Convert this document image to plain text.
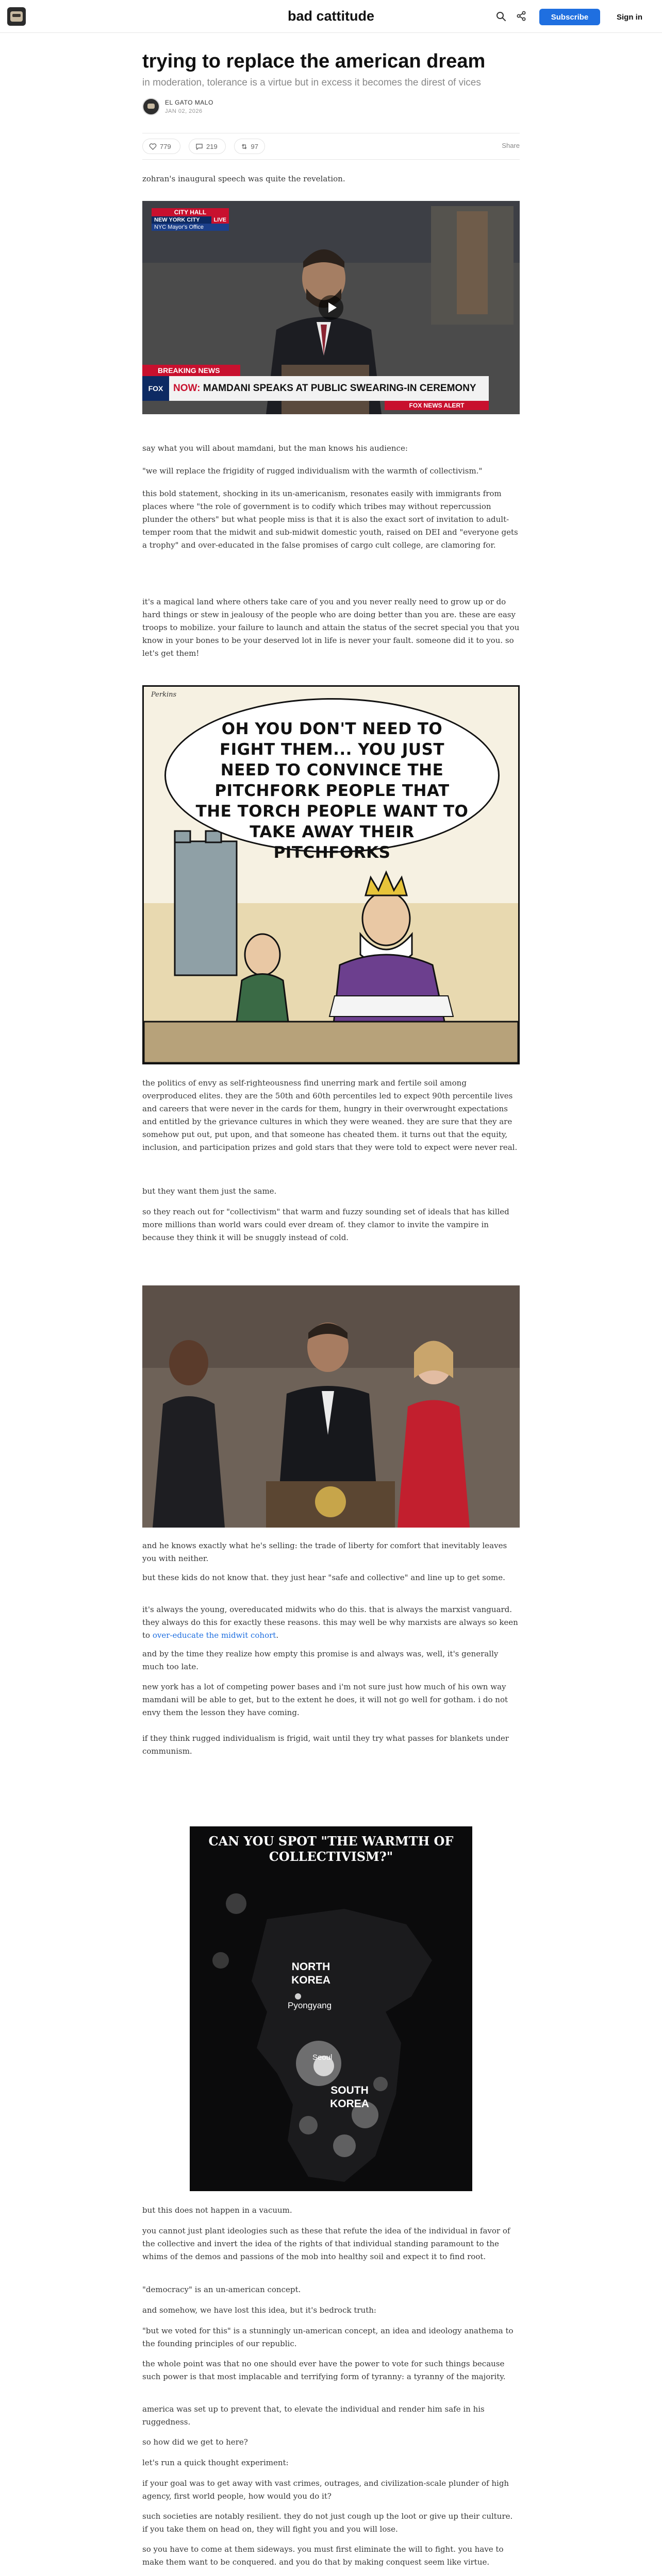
bad cattitude	Subscribe	Sign in
trying to replace the american dream
in moderation, tolerance is a virtue but in excess it becomes the direst of vices
EL GATO MALO
JAN 02, 2026
779	219	97	Share

zohran's inaugural speech was quite the revelation.

CITY HALL
NEW YORK CITY	LIVE
NYC Mayor's Office
BREAKING NEWS
FOX	NOW: MAMDANI SPEAKS AT PUBLIC SWEARING-IN CEREMONY
FOX NEWS ALERT

say what you will about mamdani, but the man knows his audience:

"we will replace the frigidity of rugged individualism with the warmth of collectivism."

this bold statement, shocking in its un-americanism, resonates easily with immigrants from places where "the role of government is to codify which tribes may without repercussion plunder the others" but what people miss is that it is also the exact sort of invitation to adult-temper room that the midwit and sub-midwit domestic youth, raised on DEI and "everyone gets a trophy" and over-educated in the false promises of cargo cult college, are clamoring for.

it's a magical land where others take care of you and you never really need to grow up or do hard things or stew in jealousy of the people who are doing better than you are. these are easy troops to mobilize. your failure to launch and attain the status of the secret special you that you know in your bones to be your deserved lot in life is never your fault. someone did it to you. so let's get them!

OH YOU DON'T NEED TO FIGHT THEM... YOU JUST NEED TO CONVINCE THE PITCHFORK PEOPLE THAT THE TORCH PEOPLE WANT TO TAKE AWAY THEIR PITCHFORKS
Perkins

the politics of envy as self-righteousness find unerring mark and fertile soil among overproduced elites. they are the 50th and 60th percentiles led to expect 90th percentile lives and careers that were never in the cards for them, hungry in their overwrought expectations and entitled by the grievance cultures in which they were weaned. they are sure that they are somehow put out, put upon, and that someone has cheated them. it turns out that the equity, inclusion, and participation prizes and gold stars that they were told to expect were never real.

but they want them just the same.

so they reach out for "collectivism" that warm and fuzzy sounding set of ideals that has killed more millions than world wars could ever dream of. they clamor to invite the vampire in because they think it will be snuggly instead of cold.

and he knows exactly what he's selling: the trade of liberty for comfort that inevitably leaves you with neither.

but these kids do not know that. they just hear "safe and collective" and line up to get some.

it's always the young, overeducated midwits who do this. that is always the marxist vanguard. they always do this for exactly these reasons. this may well be why marxists are always so keen to over-educate the midwit cohort.

and by the time they realize how empty this promise is and always was, well, it's generally much too late.

new york has a lot of competing power bases and i'm not sure just how much of his own way mamdani will be able to get, but to the extent he does, it will not go well for gotham. i do not envy them the lesson they have coming.

if they think rugged individualism is frigid, wait until they try what passes for blankets under communism.

CAN YOU SPOT "THE WARMTH OF COLLECTIVISM?"
NORTH KOREA
Pyongyang
Seoul
SOUTH KOREA

but this does not happen in a vacuum.

you cannot just plant ideologies such as these that refute the idea of the individual in favor of the collective and invert the idea of the rights of that individual standing paramount to the whims of the demos and passions of the mob into healthy soil and expect it to find root.

"democracy" is an un-american concept.

and somehow, we have lost this idea, but it's bedrock truth:

"but we voted for this" is a stunningly un-american concept, an idea and ideology anathema to the founding principles of our republic.

the whole point was that no one should ever have the power to vote for such things because such power is that most implacable and terrifying form of tyranny: a tyranny of the majority.

america was set up to prevent that, to elevate the individual and render him safe in his ruggedness.

so how did we get to here?

let's run a quick thought experiment:

if your goal was to get away with vast crimes, outrages, and civilization-scale plunder of high agency, first world people, how would you do it?

such societies are notably resilient. they do not just cough up the loot or give up their culture. if you take them on head on, they will fight you and you will lose.

so you have to come at them sideways. you must first eliminate the will to fight. you have to make them want to be conquered. and you do that by making conquest seem like virtue.
